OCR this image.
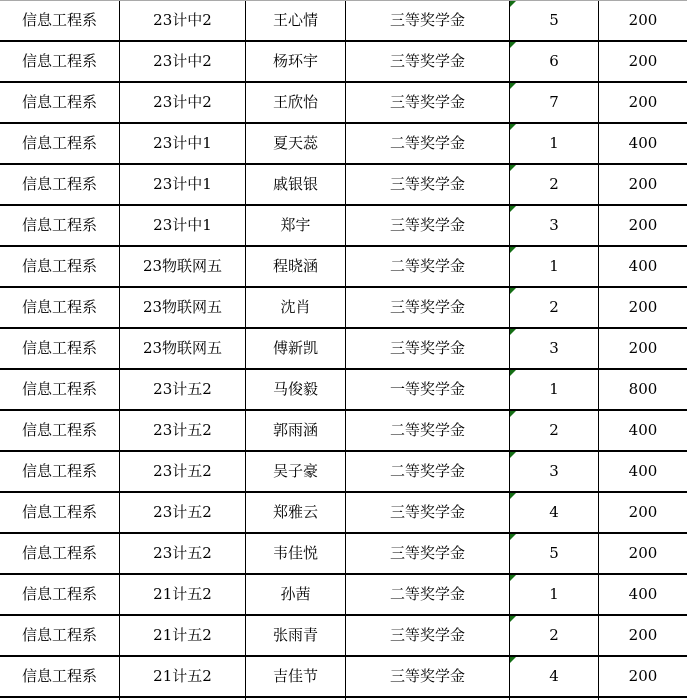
信息工程系	23计中2	王心情	三等奖学金	5	200
信息工程系	23计中2	杨环宇	三等奖学金	6	200
信息工程系	23计中2	王欣怡	三等奖学金	7	200
信息工程系	23计中1	夏天蕊	二等奖学金	1	400
信息工程系	23计中1	戚银银	三等奖学金	2	200
信息工程系	23计中1	郑宇	三等奖学金	3	200
信息工程系	23物联网五	程晓涵	二等奖学金	1	400
信息工程系	23物联网五	沈肖	三等奖学金	2	200
信息工程系	23物联网五	傅新凯	三等奖学金	3	200
信息工程系	23计五2	马俊毅	一等奖学金	1	800
信息工程系	23计五2	郭雨涵	二等奖学金	2	400
信息工程系	23计五2	吴子豪	二等奖学金	3	400
信息工程系	23计五2	郑雅云	三等奖学金	4	200
信息工程系	23计五2	韦佳悦	三等奖学金	5	200
信息工程系	21计五2	孙茜	二等奖学金	1	400
信息工程系	21计五2	张雨青	三等奖学金	2	200
信息工程系	21计五2	吉佳节	三等奖学金	4	200
